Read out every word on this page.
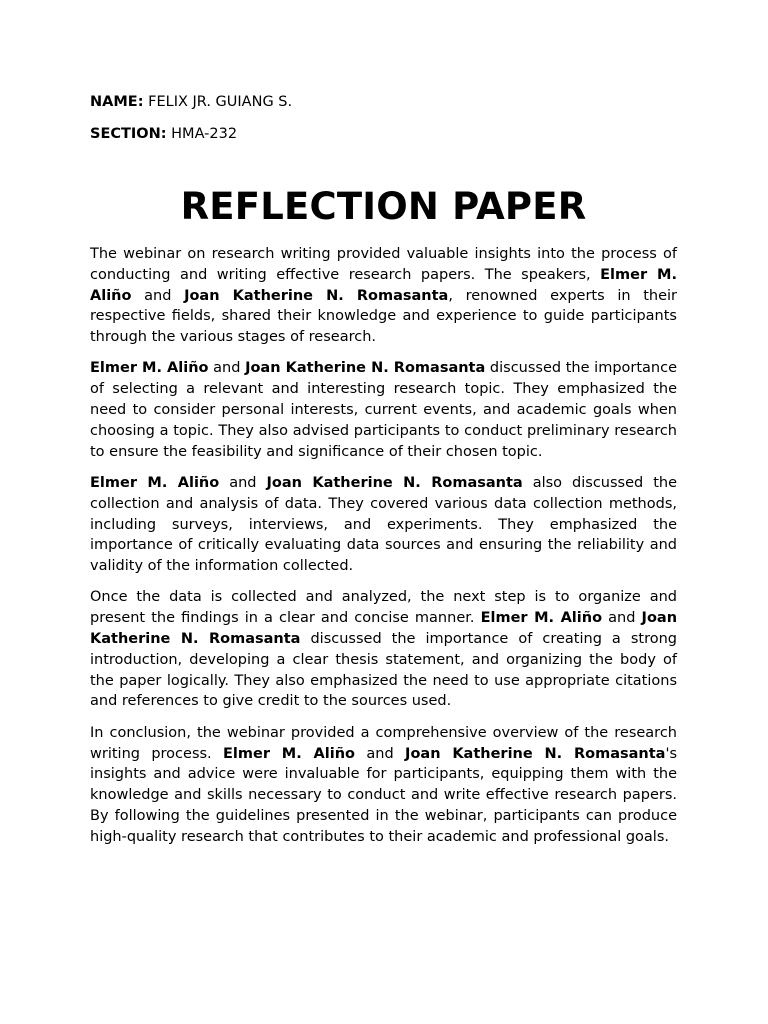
NAME: FELIX JR. GUIANG S.
SECTION: HMA-232
REFLECTION PAPER

The webinar on research writing provided valuable insights into the process of conducting and writing effective research papers. The speakers, Elmer M. Aliño and Joan Katherine N. Romasanta, renowned experts in their respective fields, shared their knowledge and experience to guide participants through the various stages of research.

Elmer M. Aliño and Joan Katherine N. Romasanta discussed the importance of selecting a relevant and interesting research topic. They emphasized the need to consider personal interests, current events, and academic goals when choosing a topic. They also advised participants to conduct preliminary research to ensure the feasibility and significance of their chosen topic.

Elmer M. Aliño and Joan Katherine N. Romasanta also discussed the collection and analysis of data. They covered various data collection methods, including surveys, interviews, and experiments. They emphasized the importance of critically evaluating data sources and ensuring the reliability and validity of the information collected.

Once the data is collected and analyzed, the next step is to organize and present the findings in a clear and concise manner. Elmer M. Aliño and Joan Katherine N. Romasanta discussed the importance of creating a strong introduction, developing a clear thesis statement, and organizing the body of the paper logically. They also emphasized the need to use appropriate citations and references to give credit to the sources used.

In conclusion, the webinar provided a comprehensive overview of the research writing process. Elmer M. Aliño and Joan Katherine N. Romasanta's insights and advice were invaluable for participants, equipping them with the knowledge and skills necessary to conduct and write effective research papers. By following the guidelines presented in the webinar, participants can produce high-quality research that contributes to their academic and professional goals.
